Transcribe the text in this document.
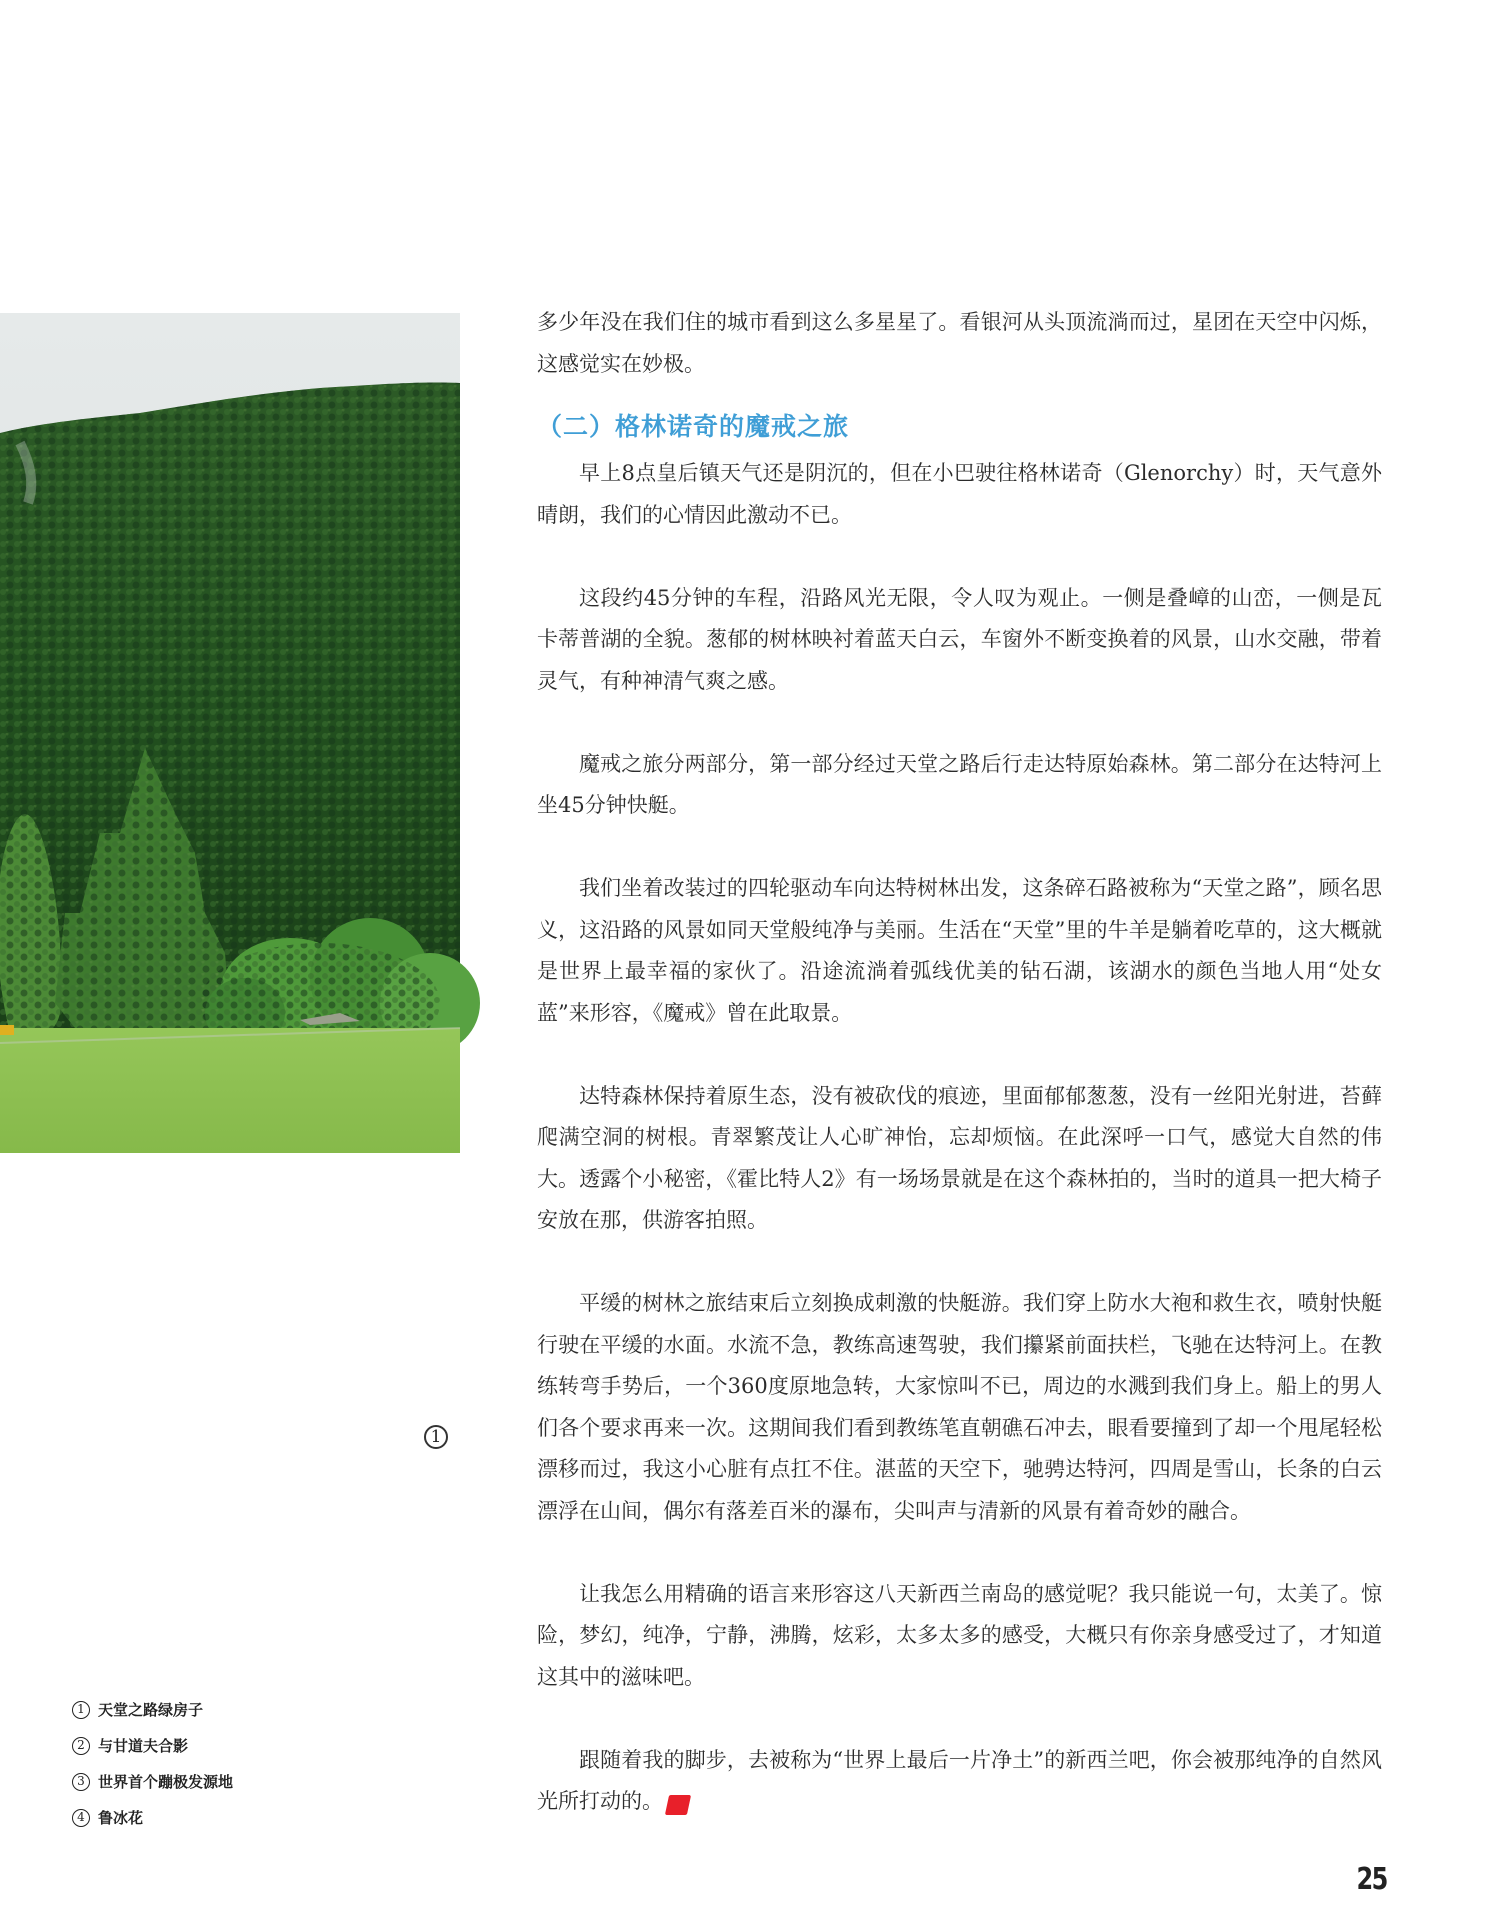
1

多少年没在我们住的城市看到这么多星星了。看银河从头顶流淌而过，星团在天空中闪烁，这感觉实在妙极。

（二）格林诺奇的魔戒之旅

早上8点皇后镇天气还是阴沉的，但在小巴驶往格林诺奇（Glenorchy）时，天气意外晴朗，我们的心情因此激动不已。

这段约45分钟的车程，沿路风光无限，令人叹为观止。一侧是叠嶂的山峦，一侧是瓦卡蒂普湖的全貌。葱郁的树林映衬着蓝天白云，车窗外不断变换着的风景，山水交融，带着灵气，有种神清气爽之感。

魔戒之旅分两部分，第一部分经过天堂之路后行走达特原始森林。第二部分在达特河上坐45分钟快艇。

我们坐着改装过的四轮驱动车向达特树林出发，这条碎石路被称为“天堂之路”，顾名思义，这沿路的风景如同天堂般纯净与美丽。生活在“天堂”里的牛羊是躺着吃草的，这大概就是世界上最幸福的家伙了。沿途流淌着弧线优美的钻石湖，该湖水的颜色当地人用“处女蓝”来形容，《魔戒》曾在此取景。

达特森林保持着原生态，没有被砍伐的痕迹，里面郁郁葱葱，没有一丝阳光射进，苔藓爬满空洞的树根。青翠繁茂让人心旷神怡，忘却烦恼。在此深呼一口气，感觉大自然的伟大。透露个小秘密，《霍比特人2》有一场场景就是在这个森林拍的，当时的道具一把大椅子安放在那，供游客拍照。

平缓的树林之旅结束后立刻换成刺激的快艇游。我们穿上防水大袍和救生衣，喷射快艇行驶在平缓的水面。水流不急，教练高速驾驶，我们攥紧前面扶栏，飞驰在达特河上。在教练转弯手势后，一个360度原地急转，大家惊叫不已，周边的水溅到我们身上。船上的男人们各个要求再来一次。这期间我们看到教练笔直朝礁石冲去，眼看要撞到了却一个甩尾轻松漂移而过，我这小心脏有点扛不住。湛蓝的天空下，驰骋达特河，四周是雪山，长条的白云漂浮在山间，偶尔有落差百米的瀑布，尖叫声与清新的风景有着奇妙的融合。

让我怎么用精确的语言来形容这八天新西兰南岛的感觉呢？我只能说一句，太美了。惊险，梦幻，纯净，宁静，沸腾，炫彩，太多太多的感受，大概只有你亲身感受过了，才知道这其中的滋味吧。

跟随着我的脚步，去被称为“世界上最后一片净土”的新西兰吧，你会被那纯净的自然风光所打动的。	G

1 天堂之路绿房子
2 与甘道夫合影
3 世界首个蹦极发源地
4 鲁冰花
25
